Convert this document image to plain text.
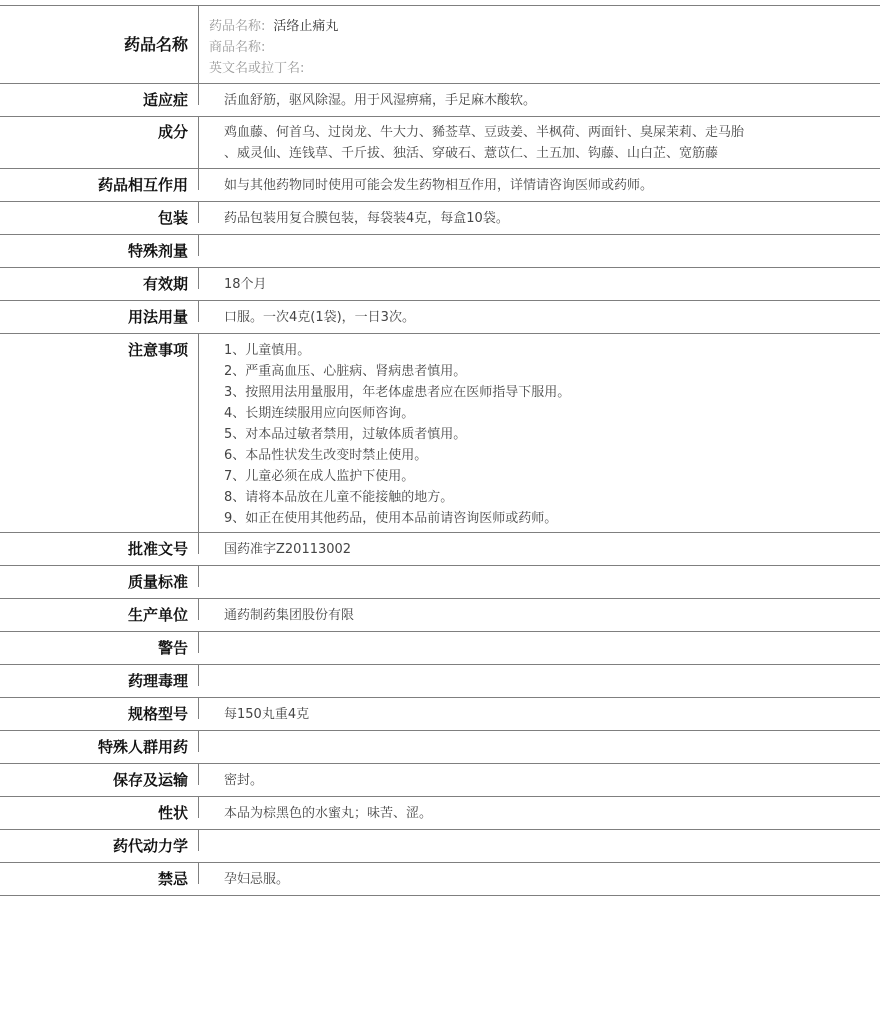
药品名称
药品名称: 活络止痛丸
商品名称:
英文名或拉丁名:
适应症	活血舒筋，驱风除湿。用于风湿痹痛，手足麻木酸软。
成分	鸡血藤、何首乌、过岗龙、牛大力、豨莶草、豆豉姜、半枫荷、两面针、臭屎茉莉、走马胎
、威灵仙、连钱草、千斤拔、独活、穿破石、薏苡仁、土五加、钩藤、山白芷、宽筋藤
药品相互作用	如与其他药物同时使用可能会发生药物相互作用，详情请咨询医师或药师。
包装	药品包装用复合膜包装，每袋装4克，每盒10袋。
特殊剂量
有效期	18个月
用法用量	口服。一次4克(1袋)，一日3次。
注意事项	1、儿童慎用。
2、严重高血压、心脏病、肾病患者慎用。
3、按照用法用量服用，年老体虚患者应在医师指导下服用。
4、长期连续服用应向医师咨询。
5、对本品过敏者禁用，过敏体质者慎用。
6、本品性状发生改变时禁止使用。
7、儿童必须在成人监护下使用。
8、请将本品放在儿童不能接触的地方。
9、如正在使用其他药品，使用本品前请咨询医师或药师。
批准文号	国药准字Z20113002
质量标准
生产单位	通药制药集团股份有限
警告
药理毒理
规格型号	每150丸重4克
特殊人群用药
保存及运输	密封。
性状	本品为棕黑色的水蜜丸；味苦、涩。
药代动力学
禁忌	孕妇忌服。
